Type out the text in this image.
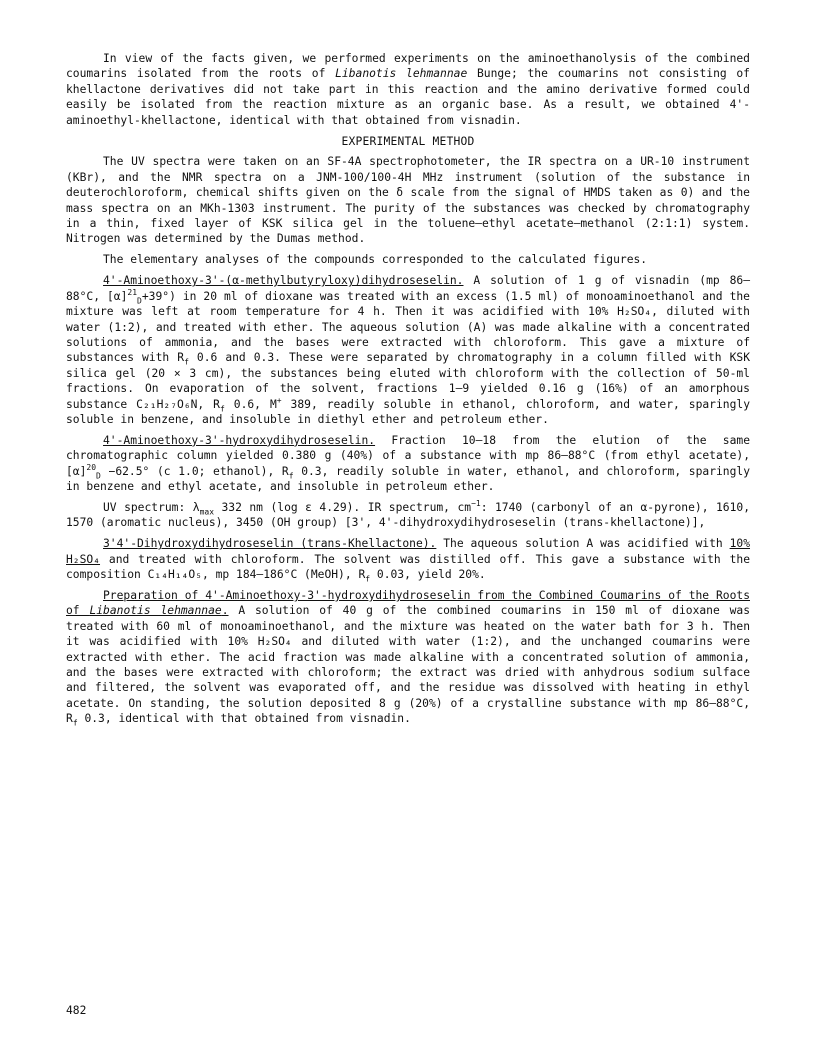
In view of the facts given, we performed experiments on the aminoethanolysis of the combined coumarins isolated from the roots of Libanotis lehmannae Bunge; the coumarins not consisting of khellactone derivatives did not take part in this reaction and the amino derivative formed could easily be isolated from the reaction mixture as an organic base. As a result, we obtained 4'-aminoethyl-khellactone, identical with that obtained from visnadin.

EXPERIMENTAL METHOD

The UV spectra were taken on an SF-4A spectrophotometer, the IR spectra on a UR-10 instrument (KBr), and the NMR spectra on a JNM-100/100-4H MHz instrument (solution of the substance in deuterochloroform, chemical shifts given on the δ scale from the signal of HMDS taken as 0) and the mass spectra on an MKh-1303 instrument. The purity of the substances was checked by chromatography in a thin, fixed layer of KSK silica gel in the toluene—ethyl acetate—methanol (2:1:1) system. Nitrogen was determined by the Dumas method.

The elementary analyses of the compounds corresponded to the calculated figures.

4'-Aminoethoxy-3'-(α-methylbutyryloxy)dihydroseselin. A solution of 1 g of visnadin (mp 86–88°C, $[\alpha]^{21}_D+39^\circ$) in 20 ml of dioxane was treated with an excess (1.5 ml) of monoaminoethanol and the mixture was left at room temperature for 4 h. Then it was acidified with 10% H₂SO₄, diluted with water (1:2), and treated with ether. The aqueous solution (A) was made alkaline with a concentrated solutions of ammonia, and the bases were extracted with chloroform. This gave a mixture of substances with $R_f$ 0.6 and 0.3. These were separated by chromatography in a column filled with KSK silica gel (20 × 3 cm), the substances being eluted with chloroform with the collection of 50-ml fractions. On evaporation of the solvent, fractions 1–9 yielded 0.16 g (16%) of an amorphous substance C₂₁H₂₇O₆N, $R_f$ 0.6, M+ 389, readily soluble in ethanol, chloroform, and water, sparingly soluble in benzene, and insoluble in diethyl ether and petroleum ether.

4'-Aminoethoxy-3'-hydroxydihydroseselin. Fraction 10–18 from the elution of the same chromatographic column yielded 0.380 g (40%) of a substance with mp 86–88°C (from ethyl acetate), $[\alpha]^{20}_D -62.5^\circ$ (c 1.0; ethanol), $R_f$ 0.3, readily soluble in water, ethanol, and chloroform, sparingly in benzene and ethyl acetate, and insoluble in petroleum ether.

UV spectrum: $\lambda_{max}$ 332 nm (log ε 4.29). IR spectrum, $cm^{-1}$: 1740 (carbonyl of an α-pyrone), 1610, 1570 (aromatic nucleus), 3450 (OH group) [3', 4'-dihydroxydihydroseselin (trans-khellactone)],

3'4'-Dihydroxydihydroseselin (trans-Khellactone). The aqueous solution A was acidified with 10% H₂SO₄ and treated with chloroform. The solvent was distilled off. This gave a substance with the composition C₁₄H₁₄O₅, mp 184–186°C (MeOH), $R_f$ 0.03, yield 20%.

Preparation of 4'-Aminoethoxy-3'-hydroxydihydroseselin from the Combined Coumarins of the Roots of Libanotis lehmannae. A solution of 40 g of the combined coumarins in 150 ml of dioxane was treated with 60 ml of monoaminoethanol, and the mixture was heated on the water bath for 3 h. Then it was acidified with 10% H₂SO₄ and diluted with water (1:2), and the unchanged coumarins were extracted with ether. The acid fraction was made alkaline with a concentrated solution of ammonia, and the bases were extracted with chloroform; the extract was dried with anhydrous sodium sulface and filtered, the solvent was evaporated off, and the residue was dissolved with heating in ethyl acetate. On standing, the solution deposited 8 g (20%) of a crystalline substance with mp 86–88°C, $R_f$ 0.3, identical with that obtained from visnadin.

482
